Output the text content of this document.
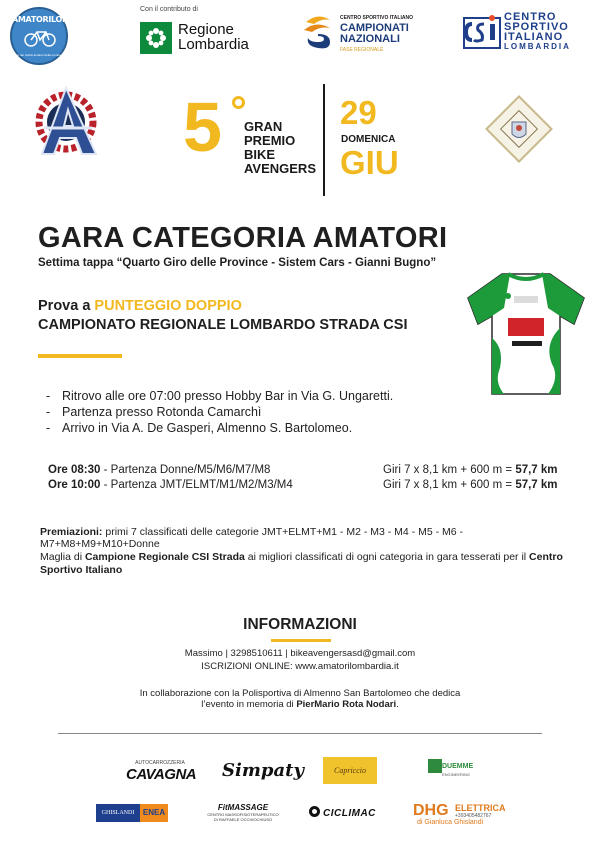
AMATORILOMBARDIA
Il sito dei ciclisti amatori della Lombardia
Con il contributo di
Regione
Lombardia
CENTRO SPORTIVO ITALIANO
CAMPIONATI
NAZIONALI
FASE REGIONALE
CENTRO
SPORTIVO
ITALIANO
LOMBARDIA
5 GRAN
PREMIO
BIKE
AVENGERS
29
DOMENICA
GIU
GARA CATEGORIA AMATORI
Settima tappa “Quarto Giro delle Province - Sistem Cars - Gianni Bugno”
Prova a PUNTEGGIO DOPPIO
CAMPIONATO REGIONALE LOMBARDO STRADA CSI
- Ritrovo alle ore 07:00 presso Hobby Bar in Via G. Ungaretti.
- Partenza presso Rotonda Camarchì
- Arrivo in Via A. De Gasperi, Almenno S. Bartolomeo.
Ore 08:30 - Partenza Donne/M5/M6/M7/M8	Giri 7 x 8,1 km + 600 m = 57,7 km
Ore 10:00 - Partenza JMT/ELMT/M1/M2/M3/M4	Giri 7 x 8,1 km + 600 m = 57,7 km
Premiazioni: primi 7 classificati delle categorie JMT+ELMT+M1 - M2 - M3 - M4 - M5 - M6 - M7+M8+M9+M10+Donne
Maglia di Campione Regionale CSI Strada ai migliori classificati di ogni categoria in gara tesserati per il Centro Sportivo Italiano
INFORMAZIONI
Massimo | 3298510611 | bikeavengersasd@gmail.com
ISCRIZIONI ONLINE: www.amatorilombardia.it
In collaborazione con la Polisportiva di Almenno San Bartolomeo che dedica
l’evento in memoria di PierMario Rota Nodari.
AUTOCARROZZERIA
CAVAGNA Simpaty	Capriccio	DUEMME
ENGINEERING
GHISLANDI	ENEA
FitMASSAGE
CENTRO MASSOFISIOTERAPEUTICO
DI RAFFAELE OCCHIOCHIUSO
CICLIMAC DHG ELETTRICA
+393405482767
di Gianluca Ghislandi
